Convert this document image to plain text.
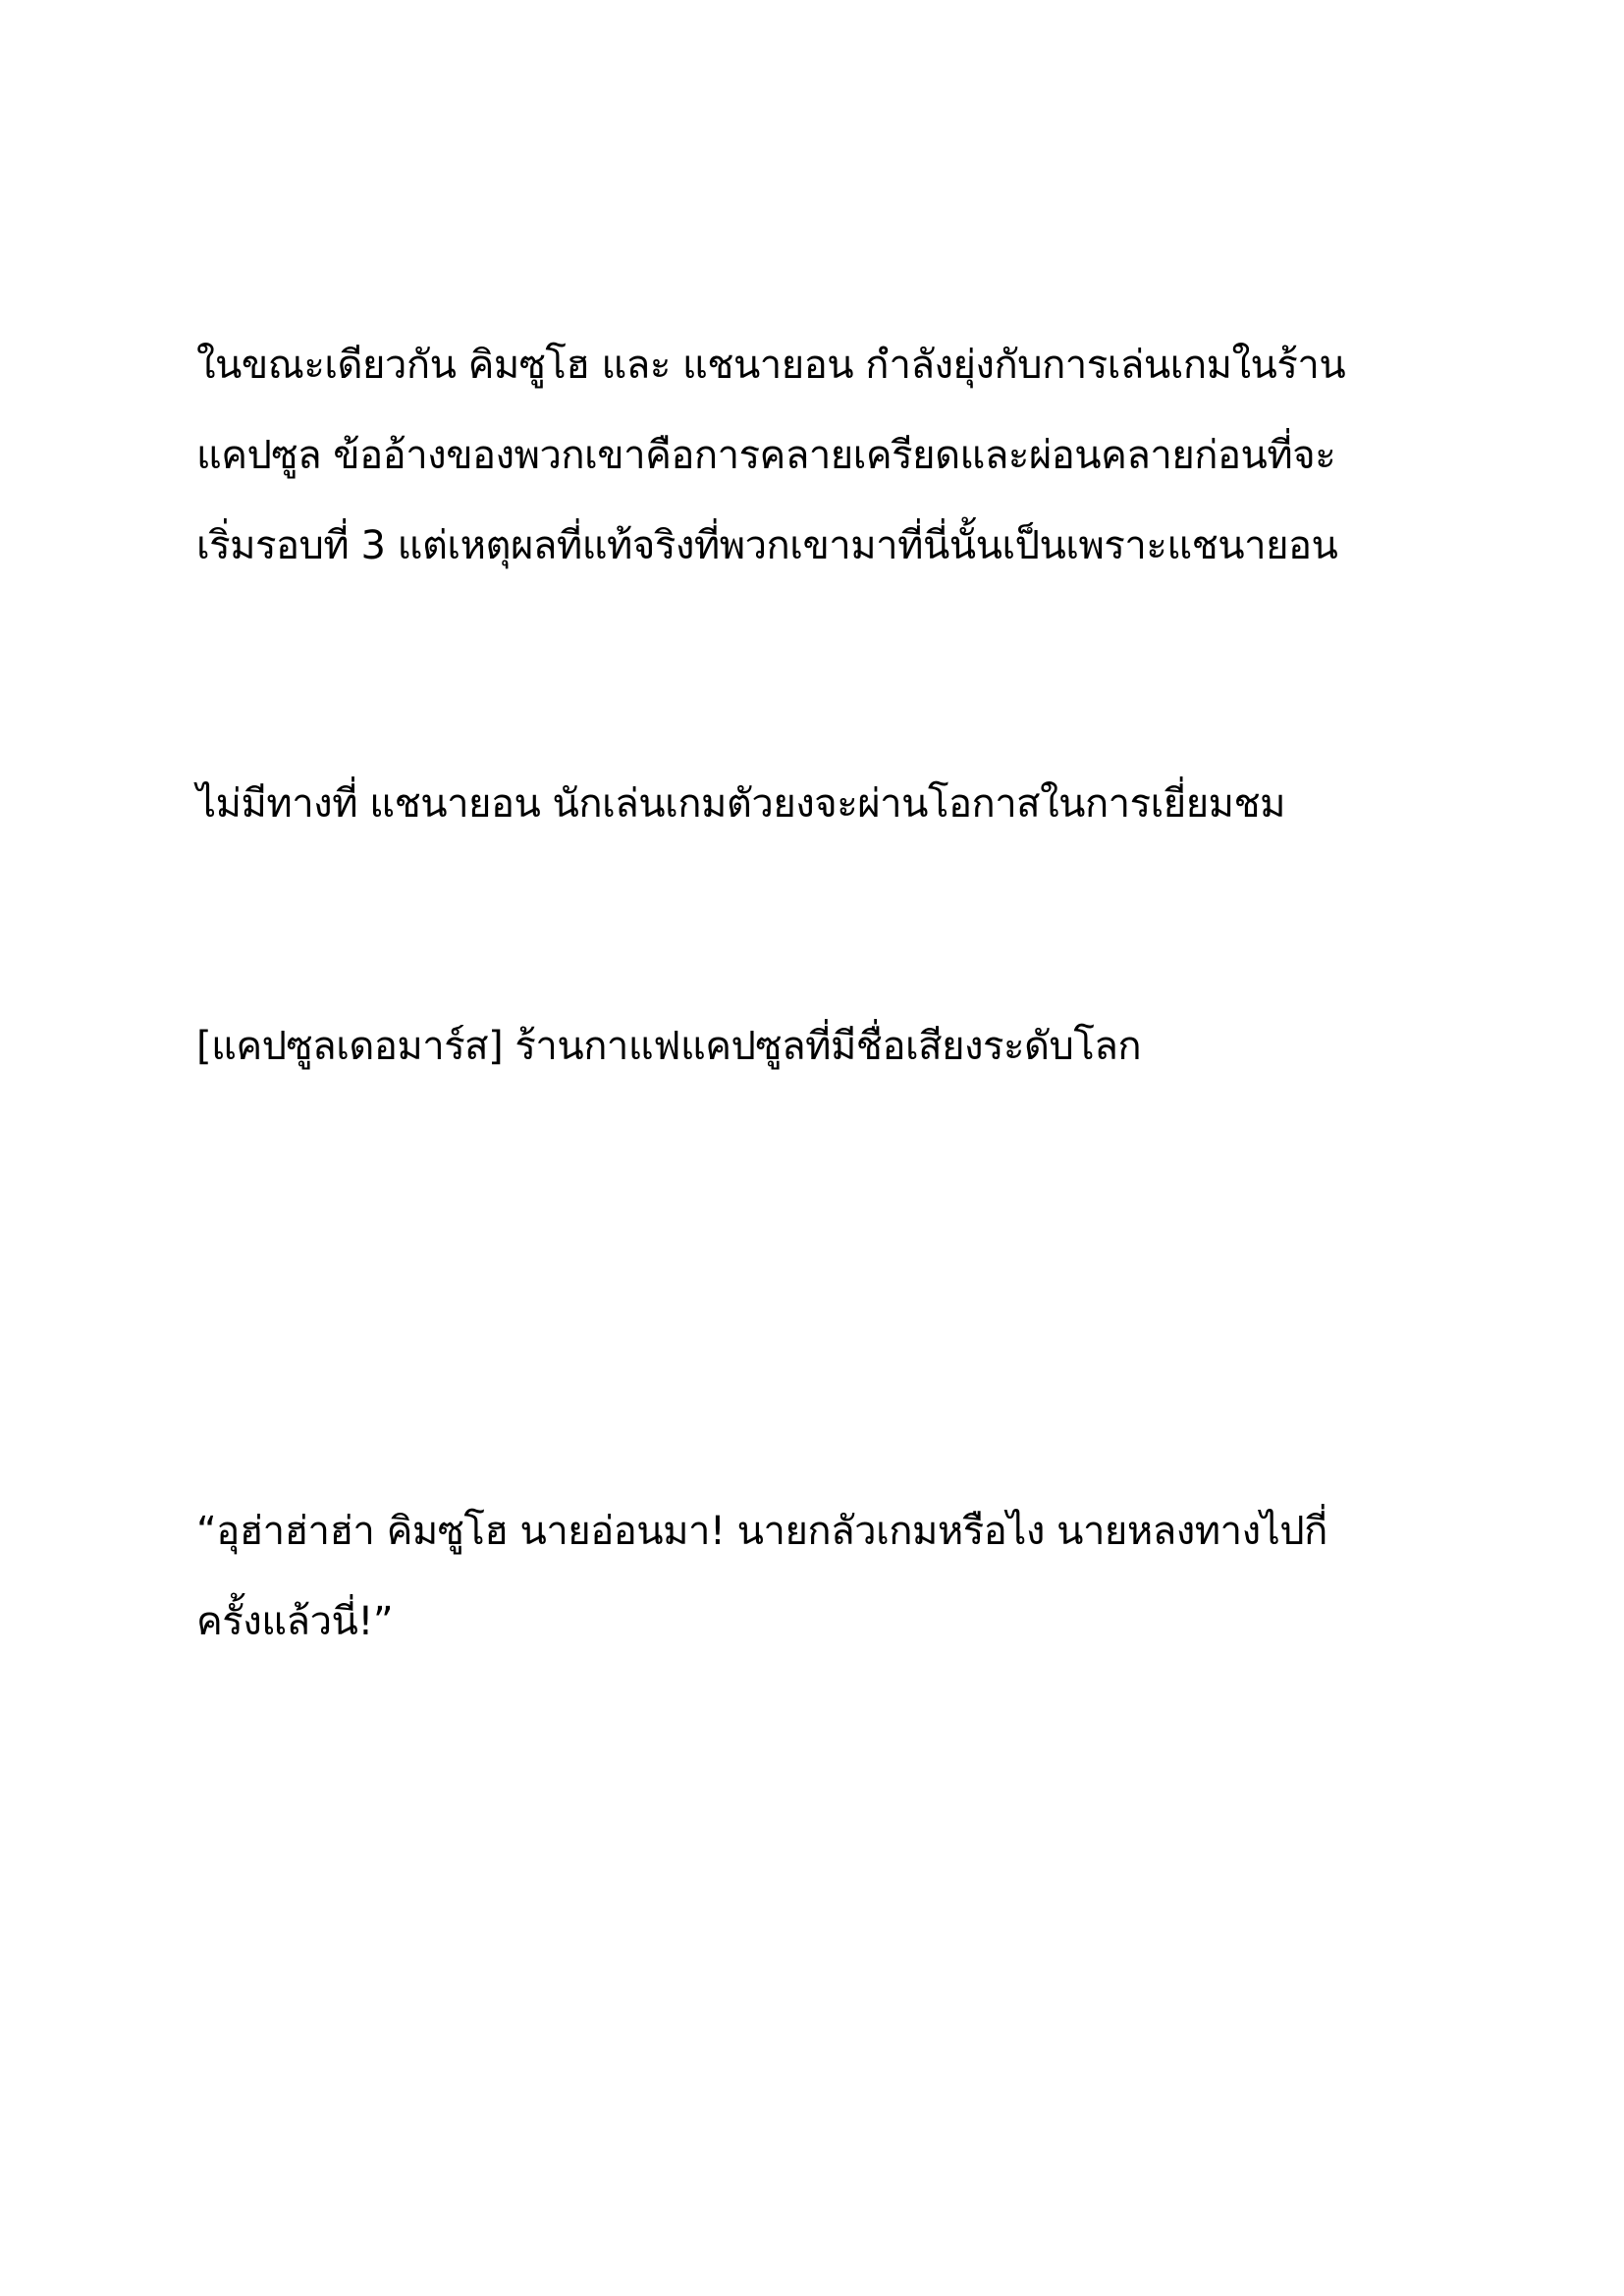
ในขณะเดียวกัน คิมซูโฮ และ แชนายอน กำลังยุ่งกับการเล่นเกมในร้าน
แคปซูล ข้ออ้างของพวกเขาคือการคลายเครียดและผ่อนคลายก่อนที่จะ
เริ่มรอบที่ 3 แต่เหตุผลที่แท้จริงที่พวกเขามาที่นี่นั้นเป็นเพราะแชนายอน

ไม่มีทางที่ แชนายอน นักเล่นเกมตัวยงจะผ่านโอกาสในการเยี่ยมชม

[แคปซูลเดอมาร์ส] ร้านกาแฟแคปซูลที่มีชื่อเสียงระดับโลก

“อุฮ่าฮ่าฮ่า คิมซูโฮ นายอ่อนมา! นายกลัวเกมหรือไง นายหลงทางไปกี่
ครั้งแล้วนี่!”
